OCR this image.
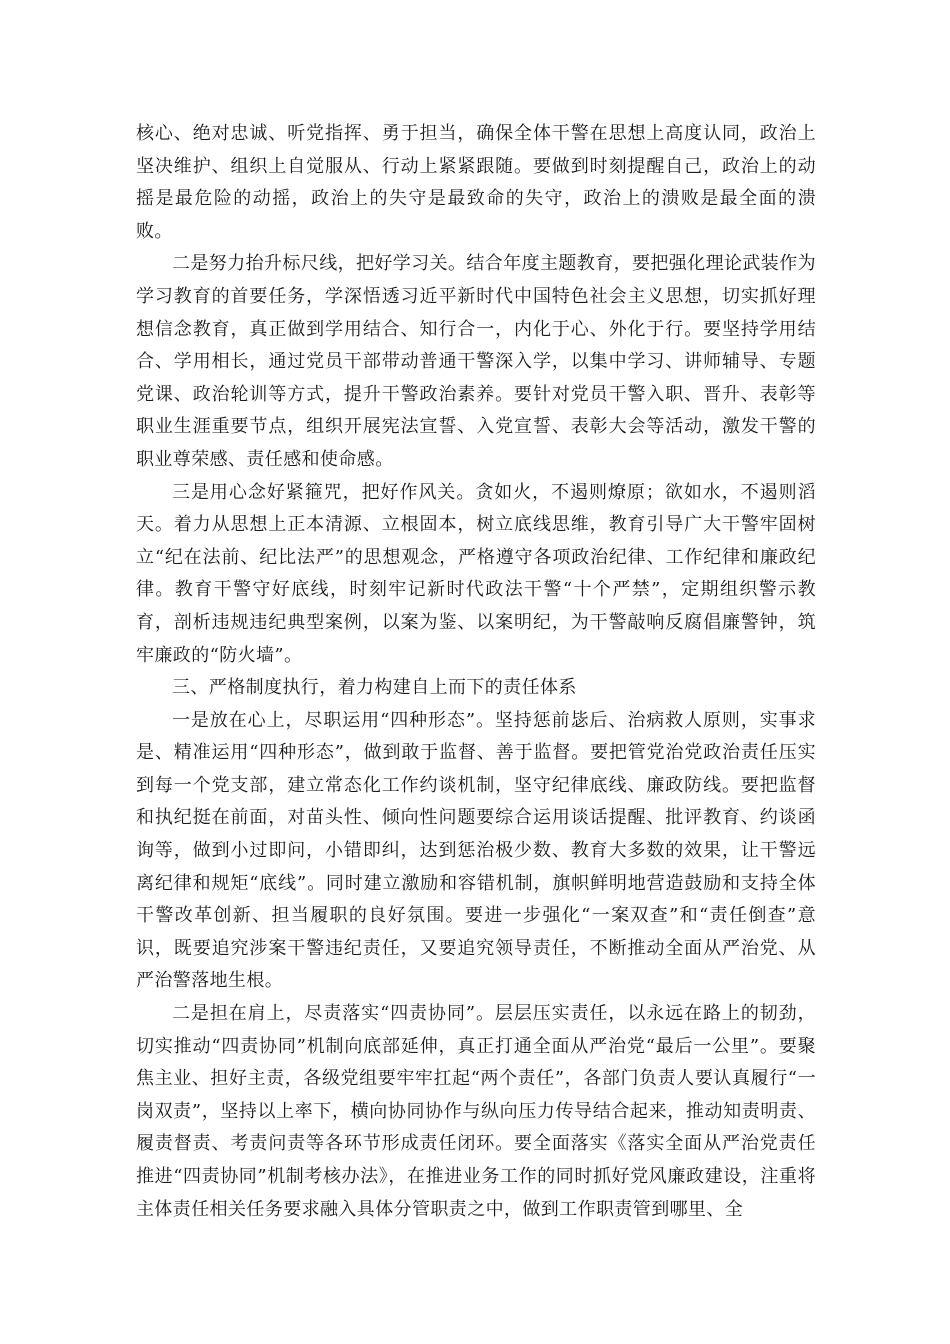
核心、绝对忠诚、听党指挥、勇于担当，确保全体干警在思想上高度认同，政治上坚决维护、组织上自觉服从、行动上紧紧跟随。要做到时刻提醒自己，政治上的动摇是最危险的动摇，政治上的失守是最致命的失守，政治上的溃败是最全面的溃败。

二是努力抬升标尺线，把好学习关。结合年度主题教育，要把强化理论武装作为学习教育的首要任务，学深悟透习近平新时代中国特色社会主义思想，切实抓好理想信念教育，真正做到学用结合、知行合一，内化于心、外化于行。要坚持学用结合、学用相长，通过党员干部带动普通干警深入学，以集中学习、讲师辅导、专题党课、政治轮训等方式，提升干警政治素养。要针对党员干警入职、晋升、表彰等职业生涯重要节点，组织开展宪法宣誓、入党宣誓、表彰大会等活动，激发干警的职业尊荣感、责任感和使命感。

三是用心念好紧箍咒，把好作风关。贪如火，不遏则燎原；欲如水，不遏则滔天。着力从思想上正本清源、立根固本，树立底线思维，教育引导广大干警牢固树立“纪在法前、纪比法严”的思想观念，严格遵守各项政治纪律、工作纪律和廉政纪律。教育干警守好底线，时刻牢记新时代政法干警“十个严禁”，定期组织警示教育，剖析违规违纪典型案例，以案为鉴、以案明纪，为干警敲响反腐倡廉警钟，筑牢廉政的“防火墙”。

三、严格制度执行，着力构建自上而下的责任体系

一是放在心上，尽职运用“四种形态”。坚持惩前毖后、治病救人原则，实事求是、精准运用“四种形态”，做到敢于监督、善于监督。要把管党治党政治责任压实到每一个党支部，建立常态化工作约谈机制，坚守纪律底线、廉政防线。要把监督和执纪挺在前面，对苗头性、倾向性问题要综合运用谈话提醒、批评教育、约谈函询等，做到小过即问，小错即纠，达到惩治极少数、教育大多数的效果，让干警远离纪律和规矩“底线”。同时建立激励和容错机制，旗帜鲜明地营造鼓励和支持全体干警改革创新、担当履职的良好氛围。要进一步强化“一案双查”和“责任倒查”意识，既要追究涉案干警违纪责任，又要追究领导责任，不断推动全面从严治党、从严治警落地生根。

二是担在肩上，尽责落实“四责协同”。层层压实责任，以永远在路上的韧劲，切实推动“四责协同”机制向底部延伸，真正打通全面从严治党“最后一公里”。要聚焦主业、担好主责，各级党组要牢牢扛起“两个责任”，各部门负责人要认真履行“一岗双责”，坚持以上率下，横向协同协作与纵向压力传导结合起来，推动知责明责、履责督责、考责问责等各环节形成责任闭环。要全面落实《落实全面从严治党责任推进“四责协同”机制考核办法》，在推进业务工作的同时抓好党风廉政建设，注重将主体责任相关任务要求融入具体分管职责之中，做到工作职责管到哪里、全
